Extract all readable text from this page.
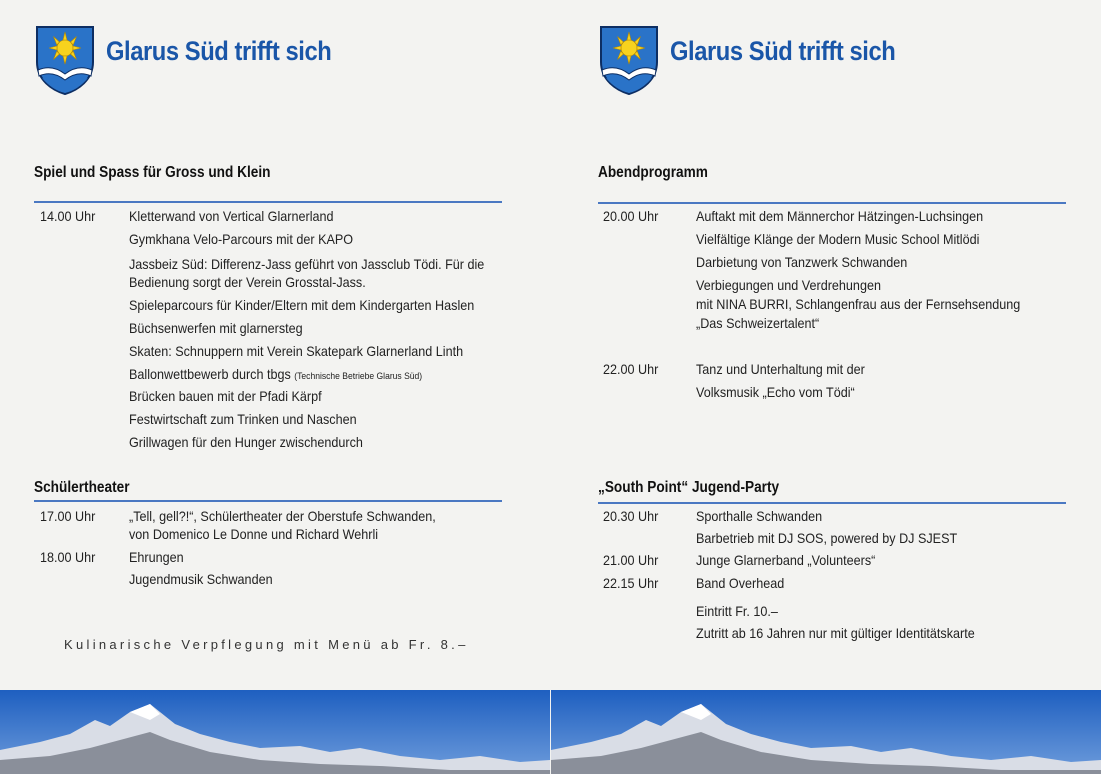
Glarus Süd trifft sich
Spiel und Spass für Gross und Klein
14.00 Uhr Kletterwand von Vertical Glarnerland
Gymkhana Velo-Parcours mit der KAPO
Jassbeiz Süd: Differenz-Jass geführt von Jassclub Tödi. Für die
Bedienung sorgt der Verein Grosstal-Jass.
Spieleparcours für Kinder/Eltern mit dem Kindergarten Haslen
Büchsenwerfen mit glarnersteg
Skaten: Schnuppern mit Verein Skatepark Glarnerland Linth
Ballonwettbewerb durch tbgs (Technische Betriebe Glarus Süd)
Brücken bauen mit der Pfadi Kärpf
Festwirtschaft zum Trinken und Naschen
Grillwagen für den Hunger zwischendurch
Schülertheater
17.00 Uhr „Tell, gell?!“, Schülertheater der Oberstufe Schwanden,
von Domenico Le Donne und Richard Wehrli
18.00 Uhr Ehrungen
Jugendmusik Schwanden
Kulinarische Verpflegung mit Menü ab Fr. 8.–
Glarus Süd trifft sich
Abendprogramm
20.00 Uhr	Auftakt mit dem Männerchor Hätzingen-Luchsingen
Vielfältige Klänge der Modern Music School Mitlödi
Darbietung von Tanzwerk Schwanden
Verbiegungen und Verdrehungen
mit NINA BURRI, Schlangenfrau aus der Fernsehsendung
„Das Schweizertalent“
22.00 Uhr	Tanz und Unterhaltung mit der
Volksmusik „Echo vom Tödi“
„South Point“ Jugend-Party
20.30 Uhr	Sporthalle Schwanden
Barbetrieb mit DJ SOS, powered by DJ SJEST
21.00 Uhr	Junge Glarnerband „Volunteers“
22.15 Uhr	Band Overhead
Eintritt Fr. 10.–
Zutritt ab 16 Jahren nur mit gültiger Identitätskarte
